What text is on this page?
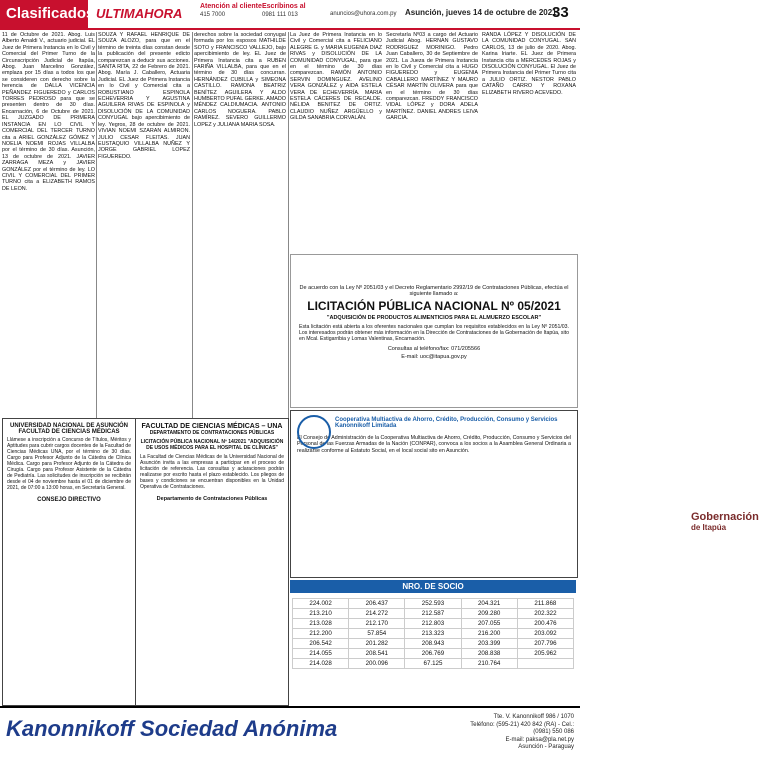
Clasificados ULTIMAHORA	Atención al cliente:
415 7000
Escríbinos al
0981 111 013	anuncios@uhora.com.py Asunción, jueves 14 de octubre de 2021
33

11 de Octubre de 2021. Abog. Luis Alberto Arnaldi V., actuario judicial. EL Juez de Primera Instancia en lo Civil y Comercial del Primer Turno de la Circunscripción Judicial de Itapúa, Abog. Juan Marcelino González, emplaza por 15 días a todos los que se consideren con derecho sobre la herencia de DALLA VICENCIA PEÑANDEZ FIGUEREDO y CARLOS TORRES PEDROSO para que se presenten dentro de 30 días. Encarnación, 6 de Octubre de 2021. EL JUZGADO DE PRIMERA INSTANCIA EN LO CIVIL Y COMERCIAL DEL TERCER TURNO cita a ARIEL GONZÁLEZ GÓMEZ Y NOELIA NOEMI ROJAS VILLALBA por el término de 30 días. Asunción, 13 de octubre de 2021. JAVIER ZARRAGA MEZA y JAVIER GONZÁLEZ por el término de ley. LO CIVIL Y COMERCIAL DEL PRIMER TURNO cita a ELIZABETH RAMOS DE LEON.

SOUZA Y RAFAEL HENRIQUE DE SOUZA ALOZO, para que en el término de treinta días constan desde la publicación del presente edicto comparezcan a deducir sus acciones. SANTA RITA, 22 de Febrero de 2021. Abog. María J. Caballero, Actuaria Judicial. EL Juez de Primera Instancia en lo Civil y Comercial cita a ROBUSTIANO ESPINOLA ECHEVERRIA Y AGUSTINA AGUILERA RIVAS DE ESPINOLA y DISOLUCIÓN DE LA COMUNIDAD CONYUGAL bajo apercibimiento de ley. Yegros, 28 de octubre de 2021. VIVIAN NOEMI SZARAN ALMIRON. JULIO CESAR FLEITAS. JUAN EUSTAQUIO VILLALBA NUÑEZ Y JORGE GABRIEL LOPEZ FIGUEREDO.

derechos sobre la sociedad conyugal formada por los esposos MATHILDE SOTO y FRANCISCO VALLEJO, bajo apercibimiento de ley. EL Juez de Primera Instancia cita a RUBEN FARIÑA VILLALBA, para que en el término de 30 días concurran. HERNÁNDEZ CUBILLA y SIMEONA CASTILLO. RAMONA BEATRIZ BENÍTEZ AGUILERA Y ALDO HUMBERTO PUFAL GERKE. AMADO MÉNDEZ CALDIUMACIA. ANTONIO CARLOS NOGUERA. PABLO RAMÍREZ. SEVERO GUILLERMO LOPEZ y JULIANA MARIA SOSA.

La Juez de Primera Instancia en lo Civil y Comercial cita a FELICIANO ALEGRE G. y MARIA EUGENIA DIAZ RIVAS y DISOLUCIÓN DE LA COMUNIDAD CONYUGAL, para que en el término de 30 días comparezcan. RAMÓN ANTONIO SERVIN DOMINGUEZ. AVELINO VERA GONZÁLEZ y AIDA ESTELA VERA DE ECHEVERRÍA. MARIA ESTELA CÁCERES DE RECALDE. NÉLIDA BENITEZ DE ORTIZ. CLAUDIO NUÑEZ ARGÜELLO y GILDA SANABRIA CORVALÁN.

Secretaría Nº03 a cargo del Actuario Judicial Abog. HERNAN GUSTAVO RODRIGUEZ MORINIGO. Pedro Juan Caballero, 30 de Septiembre de 2021. La Jueza de Primera Instancia en lo Civil y Comercial cita a HUGO FIGUEREDO y EUGENIA CABALLERO MARTÍNEZ Y MAURO CÉSAR MARTÍN OLIVERA para que en el término de 30 días comparezcan. FREDDY FRANCISCO VIDAL LÓPEZ y DORA ADELA MARTÍNEZ. DANIEL ANDRES LEIVA GARCIA.

RANDA LÓPEZ Y DISOLUCIÓN DE LA COMUNIDAD CONYUGAL. SAN CARLOS, 13 de julio de 2020. Abog. Karina Iriarte. EL Juez de Primera Instancia cita a MERCEDES ROJAS y DISOLUCIÓN CONYUGAL. El Juez de Primera Instancia del Primer Turno cita a JULIO ORTIZ. NESTOR PABLO CATAÑO CARRO Y ROXANA ELIZABETH RIVERO ACEVEDO.

Gobernación
de Itapúa
De acuerdo con la Ley Nº 2051/03 y el Decreto Reglamentario 2992/19 de Contrataciones Públicas, efectúa el siguiente llamado a:
LICITACIÓN PÚBLICA NACIONAL Nº 05/2021
"ADQUISICIÓN DE PRODUCTOS ALIMENTICIOS PARA EL ALMUERZO ESCOLAR"
Esta licitación está abierta a los oferentes nacionales que cumplan los requisitos establecidos en la Ley Nº 2051/03. Los interesados podrán obtener más información en la Dirección de Contrataciones de la Gobernación de Itapúa, sito en Mcal. Estigarribia y Lomas Valentinas, Encarnación.
Consultas al teléfono/fax: 071/205566
E-mail: uoc@itapua.gov.py
Cooperativa Multiactiva de Ahorro, Crédito, Producción, Consumo y Servicios Kanonnikoff Limitada
El Consejo de Administración de la Cooperativa Multiactiva de Ahorro, Crédito, Producción, Consumo y Servicios del Personal de las Fuerzas Armadas de la Nación (CONPAR), convoca a los socios a la Asamblea General Ordinaria a realizarse conforme al Estatuto Social, en el local social sito en Asunción.
NRO. DE SOCIO
224.002	206.437	252.593	204.321	211.868
213.210	214.272	212.587	209.280	202.322
213.028	212.170	212.803	207.055	200.476
212.200	57.854	213.323	216.200	203.092
206.542	201.282	208.943	203.399	207.796
214.055	208.541	206.769	208.838	205.962
214.028	200.096	67.125	210.764	
UNIVERSIDAD NACIONAL DE ASUNCIÓN FACULTAD DE CIENCIAS MÉDICAS
Llámese a inscripción a Concurso de Títulos, Méritos y Aptitudes para cubrir cargos docentes de la Facultad de Ciencias Médicas UNA, por el término de 30 días. Cargo para Profesor Adjunto de la Cátedra de Clínica Médica. Cargo para Profesor Adjunto de la Cátedra de Cirugía. Cargo para Profesor Asistente de la Cátedra de Pediatría. Las solicitudes de inscripción se recibirán desde el 04 de noviembre hasta el 01 de diciembre de 2021, de 07:00 a 13:00 horas, en Secretaría General.
CONSEJO DIRECTIVO
FACULTAD DE CIENCIAS MÉDICAS – UNA
DEPARTAMENTO DE CONTRATACIONES PÚBLICAS
LICITACIÓN PÚBLICA NACIONAL Nº 14/2021 "ADQUISICIÓN DE USOS MÉDICOS PARA EL HOSPITAL DE CLÍNICAS"
La Facultad de Ciencias Médicas de la Universidad Nacional de Asunción invita a las empresas a participar en el proceso de licitación de referencia. Las consultas y aclaraciones podrán realizarse por escrito hasta el plazo establecido. Los pliegos de bases y condiciones se encuentran disponibles en la Unidad Operativa de Contrataciones.
Departamento de Contrataciones Públicas
Kanonnikoff Sociedad Anónima	Tte. V. Kanonnikoff 986 / 1070
Teléfono: (595-21) 420 842 (RA) - Cel.: (0981) 550 086
E-mail: paksa@pla.net.py
Asunción - Paraguay
